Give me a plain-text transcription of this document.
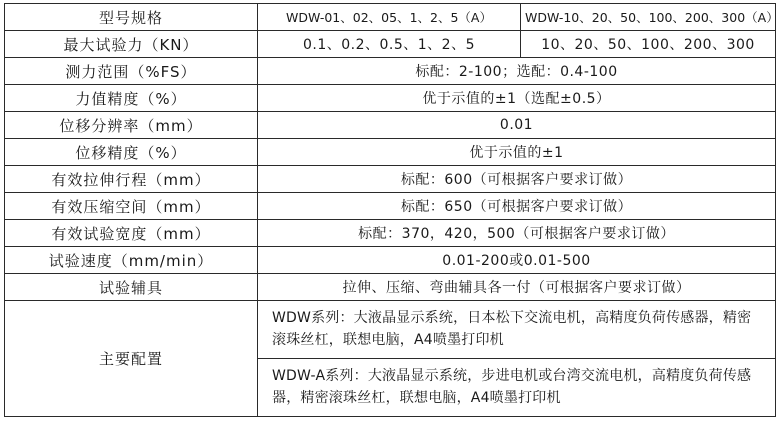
型号规格	WDW-01、02、05、1、2、5（A）	WDW-10、20、50、100、200、300（A）
最大试验力（KN）	0.1、0.2、0.5、1、2、5	10、20、50、100、200、300
测力范围（%FS）	标配：2-100；选配：0.4-100	
力值精度（%）	优于示值的±1（选配±0.5）	
位移分辨率（mm）	0.01	
位移精度（%）	优于示值的±1	
有效拉伸行程（mm）	标配：600（可根据客户要求订做）	
有效压缩空间（mm）	标配：650（可根据客户要求订做）	
有效试验宽度（mm）	标配：370，420，500（可根据客户要求订做）	
试验速度（mm/min）	0.01-200或0.01-500	
试验辅具	拉伸、压缩、弯曲辅具各一付（可根据客户要求订做）	
主要配置	WDW系列：大液晶显示系统，日本松下交流电机，高精度负荷传感器，精密滚珠丝杠，联想电脑，A4喷墨打印机	
	WDW-A系列：大液晶显示系统，步进电机或台湾交流电机，高精度负荷传感器，精密滚珠丝杠，联想电脑，A4喷墨打印机	
